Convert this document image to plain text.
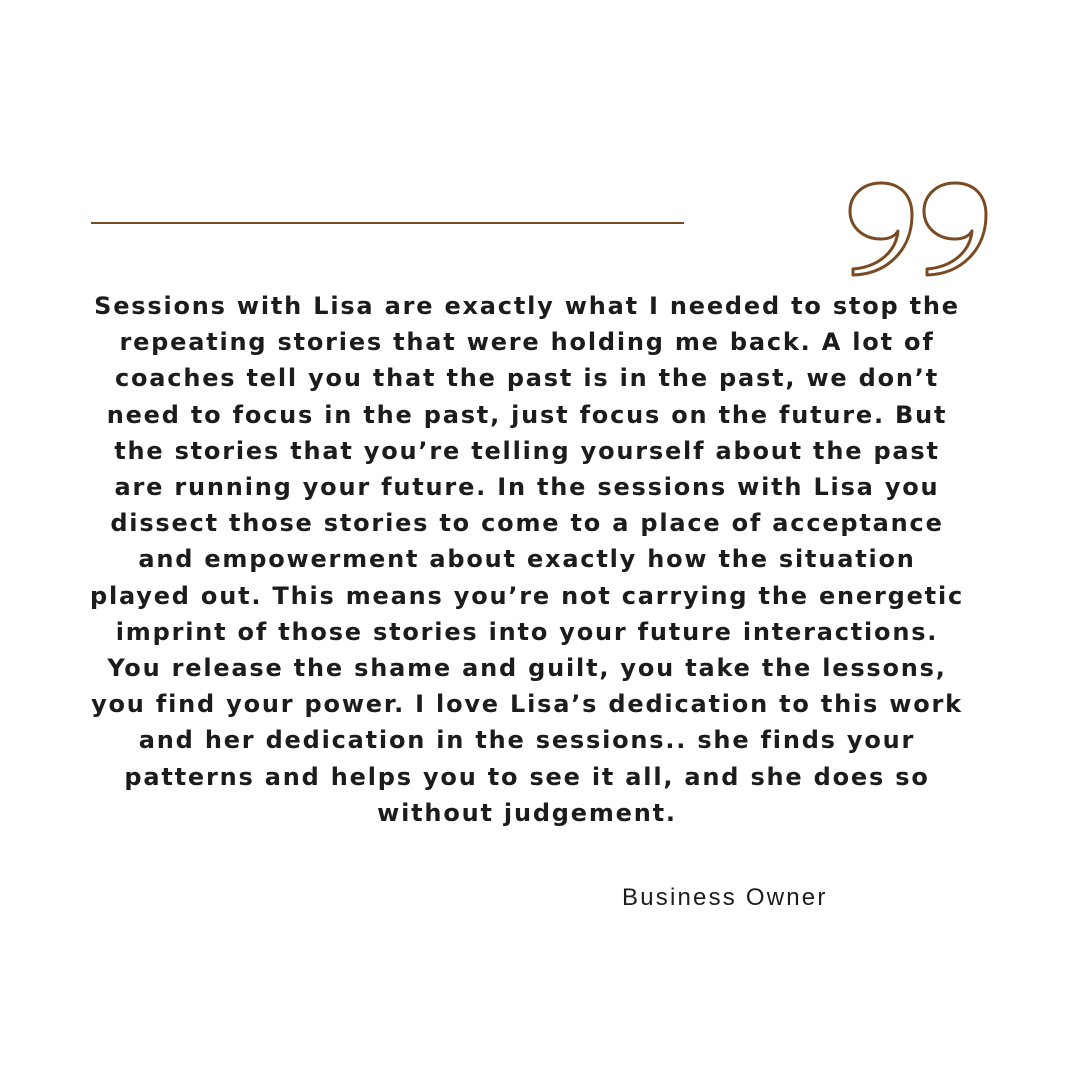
Sessions with Lisa are exactly what I needed to stop the repeating stories that were holding me back. A lot of coaches tell you that the past is in the past, we don’t need to focus in the past, just focus on the future. But the stories that you’re telling yourself about the past are running your future. In the sessions with Lisa you dissect those stories to come to a place of acceptance and empowerment about exactly how the situation played out. This means you’re not carrying the energetic imprint of those stories into your future interactions. You release the shame and guilt, you take the lessons, you find your power. I love Lisa’s dedication to this work and her dedication in the sessions.. she finds your patterns and helps you to see it all, and she does so without judgement.

Business Owner
